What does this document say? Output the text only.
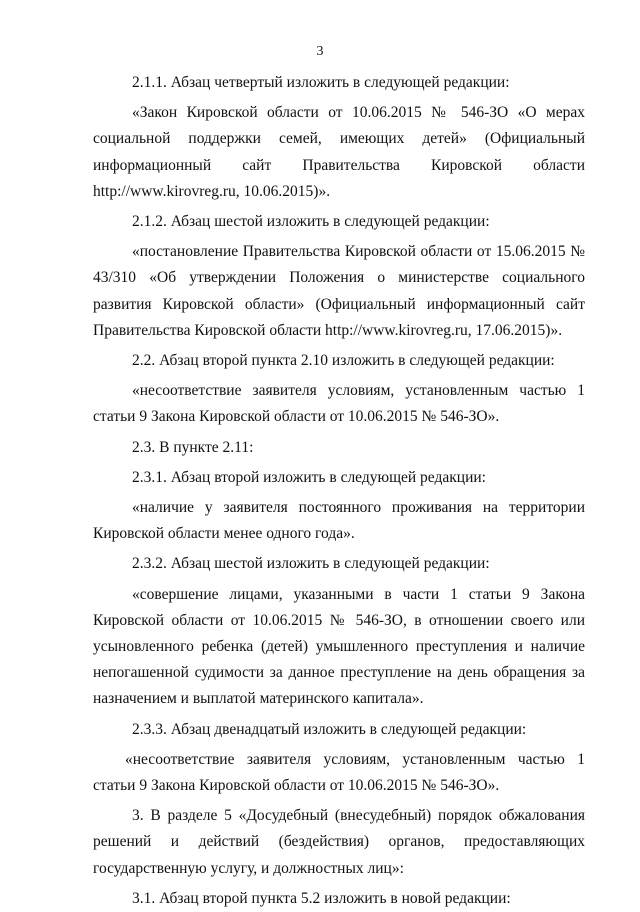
3

2.1.1. Абзац четвертый изложить в следующей редакции:

«Закон Кировской области от 10.06.2015 № 546-ЗО «О мерах социальной поддержки семей, имеющих детей» (Официальный информационный сайт Правительства Кировской области http://www.kirovreg.ru, 10.06.2015)».

2.1.2. Абзац шестой изложить в следующей редакции:

«постановление Правительства Кировской области от 15.06.2015 № 43/310 «Об утверждении Положения о министерстве социального развития Кировской области» (Официальный информационный сайт Правительства Кировской области http://www.kirovreg.ru, 17.06.2015)».

2.2. Абзац второй пункта 2.10 изложить в следующей редакции:

«несоответствие заявителя условиям, установленным частью 1 статьи 9 Закона Кировской области от 10.06.2015 № 546-ЗО».

2.3. В пункте 2.11:

2.3.1. Абзац второй изложить в следующей редакции:

«наличие у заявителя постоянного проживания на территории Кировской области менее одного года».

2.3.2. Абзац шестой изложить в следующей редакции:

«совершение лицами, указанными в части 1 статьи 9 Закона Кировской области от 10.06.2015 № 546-ЗО, в отношении своего или усыновленного ребенка (детей) умышленного преступления и наличие непогашенной судимости за данное преступление на день обращения за назначением и выплатой материнского капитала».

2.3.3. Абзац двенадцатый изложить в следующей редакции:

«несоответствие заявителя условиям, установленным частью 1 статьи 9 Закона Кировской области от 10.06.2015 № 546-ЗО».

3. В разделе 5 «Досудебный (внесудебный) порядок обжалования решений и действий (бездействия) органов, предоставляющих государственную услугу, и должностных лиц»:

3.1. Абзац второй пункта 5.2 изложить в новой редакции:
